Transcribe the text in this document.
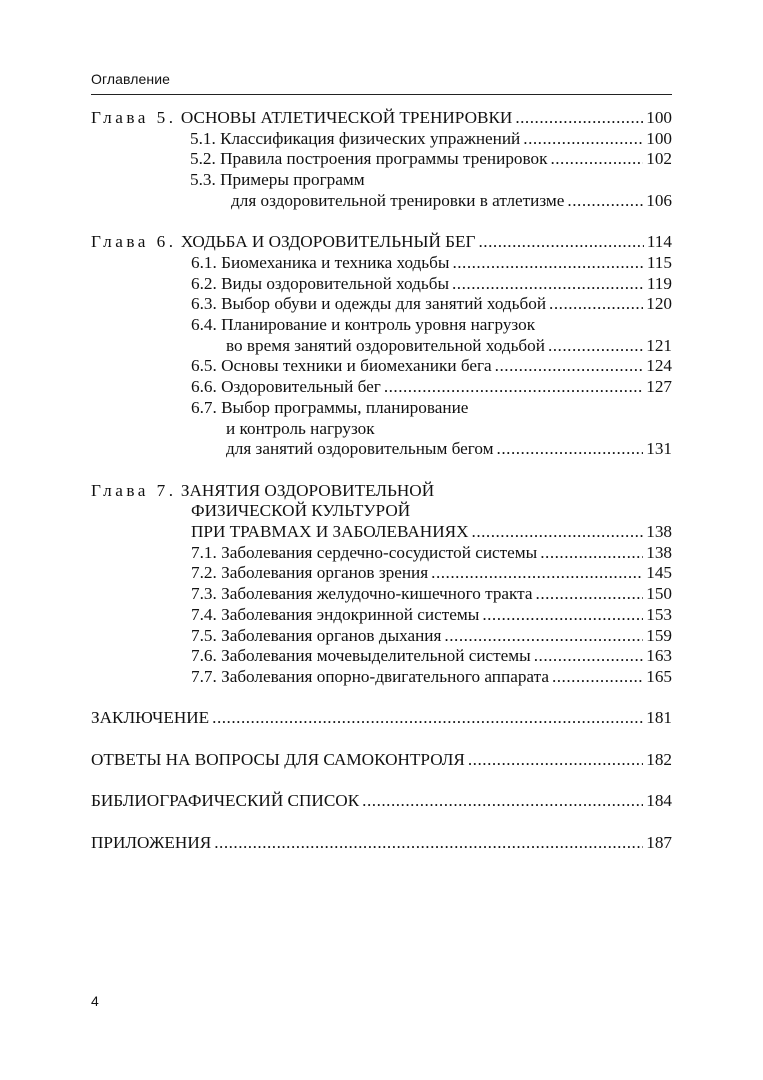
Оглавление
Глава 5. ОСНОВЫ АТЛЕТИЧЕСКОЙ ТРЕНИРОВКИ .....	100
5.1. Классификация физических упражнений .....	100
5.2. Правила построения программы тренировок .....	102
5.3. Примеры программ
для оздоровительной тренировки в атлетизме .....	106
Глава 6. ХОДЬБА И ОЗДОРОВИТЕЛЬНЫЙ БЕГ .....	114
6.1. Биомеханика и техника ходьбы .....	115
6.2. Виды оздоровительной ходьбы .....	119
6.3. Выбор обуви и одежды для занятий ходьбой .....	120
6.4. Планирование и контроль уровня нагрузок
во время занятий оздоровительной ходьбой .....	121
6.5. Основы техники и биомеханики бега .....	124
6.6. Оздоровительный бег .....	127
6.7. Выбор программы, планирование
и контроль нагрузок
для занятий оздоровительным бегом .....	131
Глава 7. ЗАНЯТИЯ ОЗДОРОВИТЕЛЬНОЙ
ФИЗИЧЕСКОЙ КУЛЬТУРОЙ
ПРИ ТРАВМАХ И ЗАБОЛЕВАНИЯХ .....	138
7.1. Заболевания сердечно-сосудистой системы .....	138
7.2. Заболевания органов зрения .....	145
7.3. Заболевания желудочно-кишечного тракта .....	150
7.4. Заболевания эндокринной системы .....	153
7.5. Заболевания органов дыхания .....	159
7.6. Заболевания мочевыделительной системы .....	163
7.7. Заболевания опорно-двигательного аппарата .....	165
ЗАКЛЮЧЕНИЕ .....	181
ОТВЕТЫ НА ВОПРОСЫ ДЛЯ САМОКОНТРОЛЯ .....	182
БИБЛИОГРАФИЧЕСКИЙ СПИСОК .....	184
ПРИЛОЖЕНИЯ .....	187
4
